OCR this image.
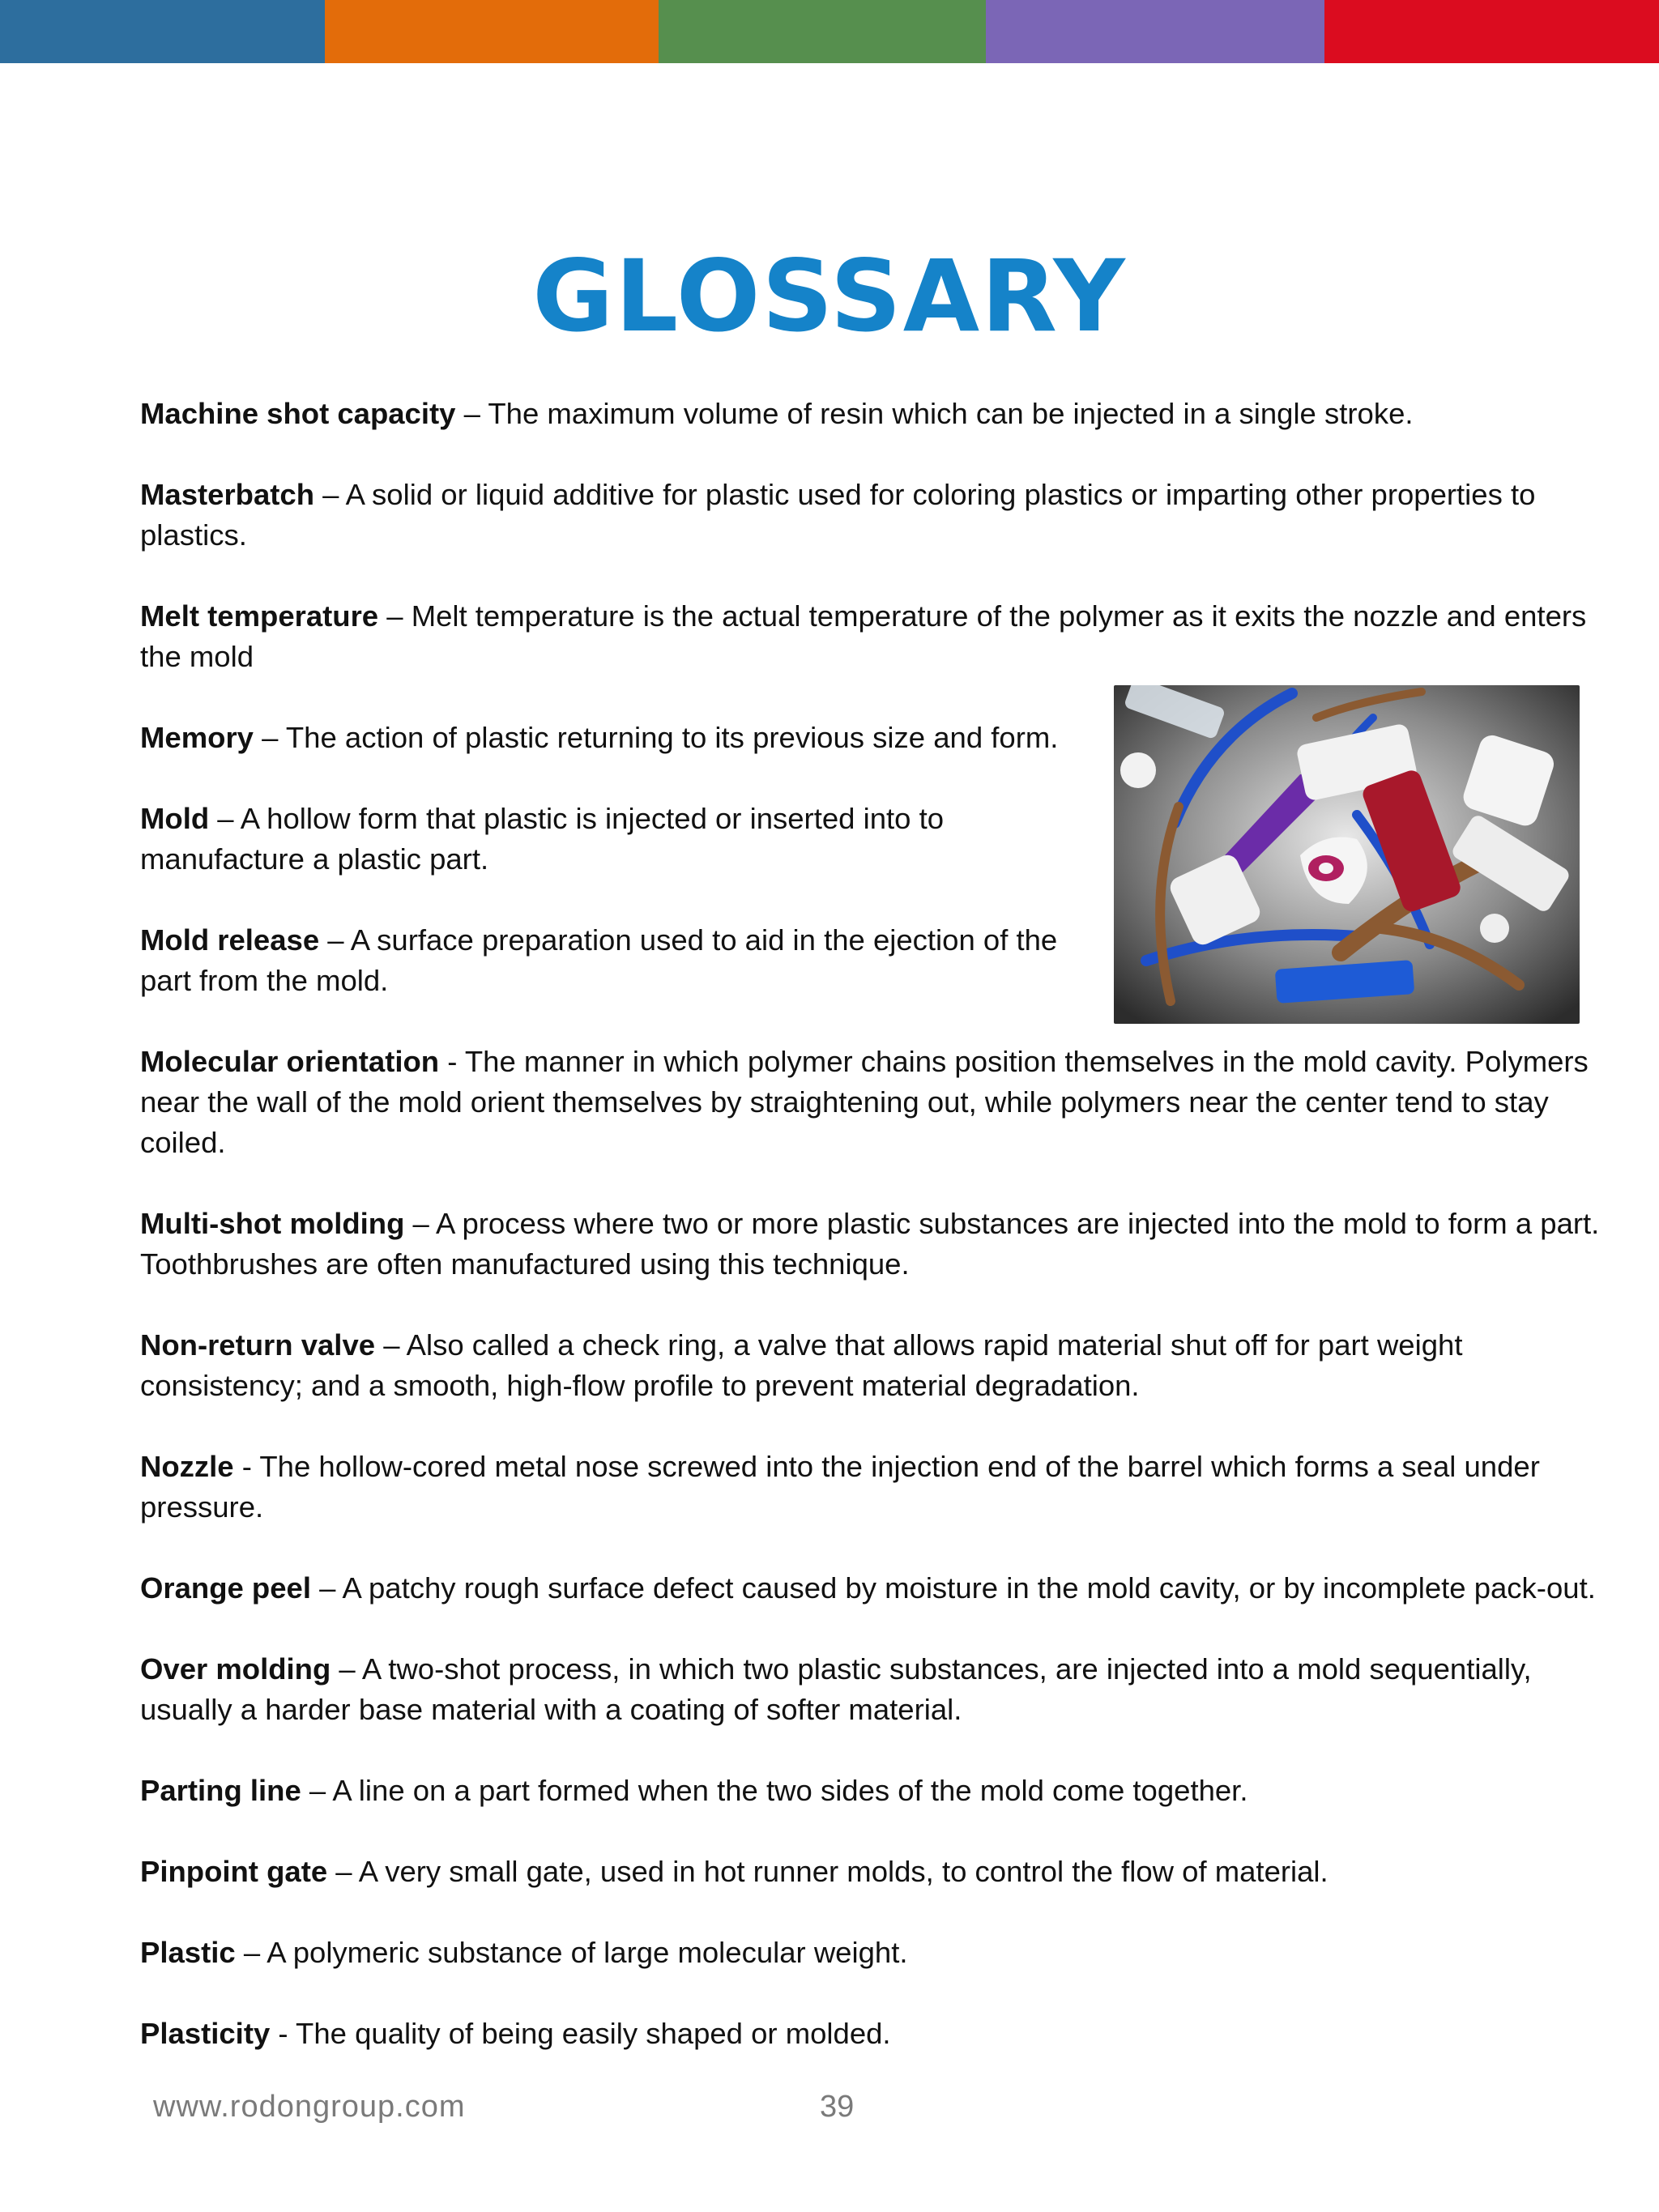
GLOSSARY

Machine shot capacity – The maximum volume of resin which can be injected in a single stroke.

Masterbatch – A solid or liquid additive for plastic used for coloring plastics or imparting other properties to plastics.

Melt temperature – Melt temperature is the actual temperature of the polymer as it exits the nozzle and enters the mold

Memory – The action of plastic returning to its previous size and form.

Mold – A hollow form that plastic is injected or inserted into to manufacture a plastic part.

Mold release – A surface preparation used to aid in the ejection of the part from the mold.

Molecular orientation - The manner in which polymer chains position themselves in the mold cavity. Polymers near the wall of the mold orient themselves by straightening out, while polymers near the center tend to stay coiled.

Multi-shot molding – A process where two or more plastic substances are injected into the mold to form a part. Toothbrushes are often manufactured using this technique.

Non-return valve – Also called a check ring, a valve that allows rapid material shut off for part weight consistency; and a smooth, high-flow profile to prevent material degradation.

Nozzle - The hollow-cored metal nose screwed into the injection end of the barrel which forms a seal under pressure.

Orange peel – A patchy rough surface defect caused by moisture in the mold cavity, or by incomplete pack-out.

Over molding – A two-shot process, in which two plastic substances, are injected into a mold sequentially, usually a harder base material with a coating of softer material.

Parting line – A line on a part formed when the two sides of the mold come together.

Pinpoint gate – A very small gate, used in hot runner molds, to control the flow of material.

Plastic – A polymeric substance of large molecular weight.

Plasticity - The quality of being easily shaped or molded.

www.rodongroup.com	39
